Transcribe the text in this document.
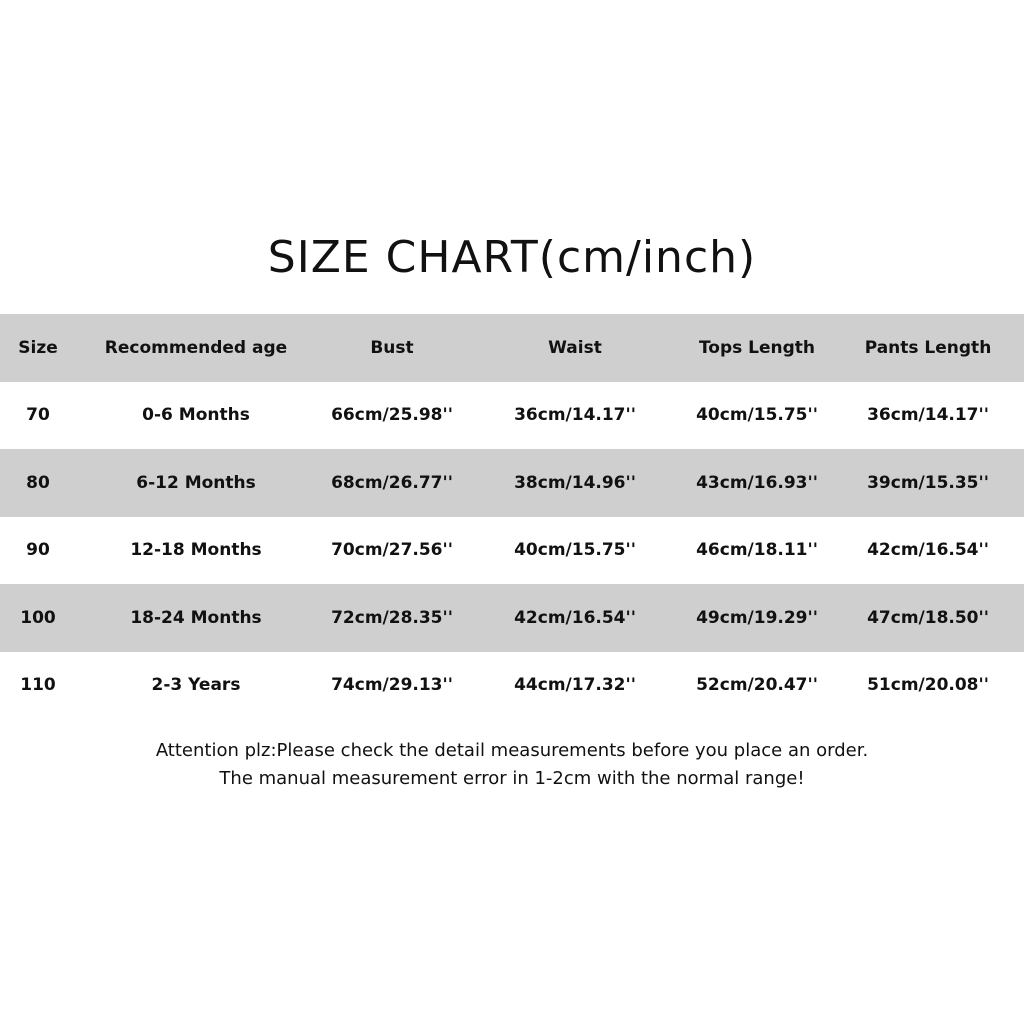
SIZE CHART(cm/inch)
Size	Recommended age	Bust	Waist	Tops Length	Pants Length
70	0-6 Months	66cm/25.98''	36cm/14.17''	40cm/15.75''	36cm/14.17''
80	6-12 Months	68cm/26.77''	38cm/14.96''	43cm/16.93''	39cm/15.35''
90	12-18 Months	70cm/27.56''	40cm/15.75''	46cm/18.11''	42cm/16.54''
100	18-24 Months	72cm/28.35''	42cm/16.54''	49cm/19.29''	47cm/18.50''
110	2-3 Years	74cm/29.13''	44cm/17.32''	52cm/20.47''	51cm/20.08''
Attention plz:Please check the detail measurements before you place an order.
The manual measurement error in 1-2cm with the normal range!
